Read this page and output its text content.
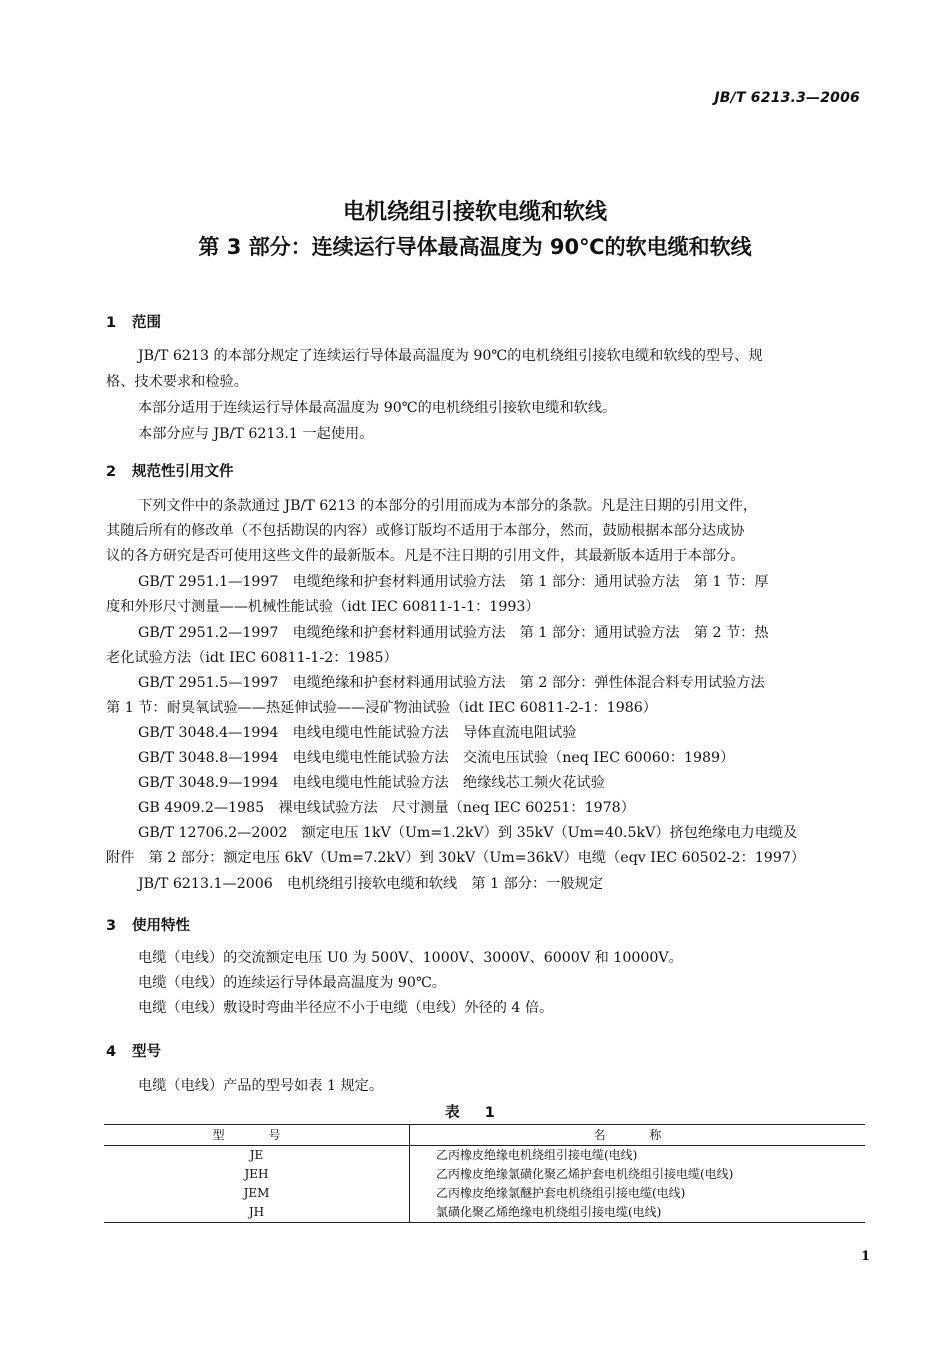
JB/T 6213.3—2006
电机绕组引接软电缆和软线
第 3 部分：连续运行导体最高温度为 90℃的软电缆和软线
1 范围
JB/T 6213 的本部分规定了连续运行导体最高温度为 90℃的电机绕组引接软电缆和软线的型号、规
格、技术要求和检验。
本部分适用于连续运行导体最高温度为 90℃的电机绕组引接软电缆和软线。
本部分应与 JB/T 6213.1 一起使用。
2 规范性引用文件
下列文件中的条款通过 JB/T 6213 的本部分的引用而成为本部分的条款。凡是注日期的引用文件，
其随后所有的修改单（不包括勘误的内容）或修订版均不适用于本部分，然而，鼓励根据本部分达成协
议的各方研究是否可使用这些文件的最新版本。凡是不注日期的引用文件，其最新版本适用于本部分。
GB/T 2951.1—1997　电缆绝缘和护套材料通用试验方法　第 1 部分：通用试验方法　第 1 节：厚
度和外形尺寸测量——机械性能试验（idt IEC 60811-1-1：1993）
GB/T 2951.2—1997　电缆绝缘和护套材料通用试验方法　第 1 部分：通用试验方法　第 2 节：热
老化试验方法（idt IEC 60811-1-2：1985）
GB/T 2951.5—1997　电缆绝缘和护套材料通用试验方法　第 2 部分：弹性体混合料专用试验方法
第 1 节：耐臭氧试验——热延伸试验——浸矿物油试验（idt IEC 60811-2-1：1986）
GB/T 3048.4—1994　电线电缆电性能试验方法　导体直流电阻试验
GB/T 3048.8—1994　电线电缆电性能试验方法　交流电压试验（neq IEC 60060：1989）
GB/T 3048.9—1994　电线电缆电性能试验方法　绝缘线芯工频火花试验
GB 4909.2—1985　裸电线试验方法　尺寸测量（neq IEC 60251：1978）
GB/T 12706.2—2002　额定电压 1kV（Um=1.2kV）到 35kV（Um=40.5kV）挤包绝缘电力电缆及
附件　第 2 部分：额定电压 6kV（Um=7.2kV）到 30kV（Um=36kV）电缆（eqv IEC 60502-2：1997）
JB/T 6213.1—2006　电机绕组引接软电缆和软线　第 1 部分：一般规定
3 使用特性
电缆（电线）的交流额定电压 U0 为 500V、1000V、3000V、6000V 和 10000V。
电缆（电线）的连续运行导体最高温度为 90℃。
电缆（电线）敷设时弯曲半径应不小于电缆（电线）外径的 4 倍。
4 型号
电缆（电线）产品的型号如表 1 规定。
表 1
型 号	名 称
JE	乙丙橡皮绝缘电机绕组引接电缆(电线)
JEH	乙丙橡皮绝缘氯磺化聚乙烯护套电机绕组引接电缆(电线)
JEM	乙丙橡皮绝缘氯醚护套电机绕组引接电缆(电线)
JH	氯磺化聚乙烯绝缘电机绕组引接电缆(电线)
1
